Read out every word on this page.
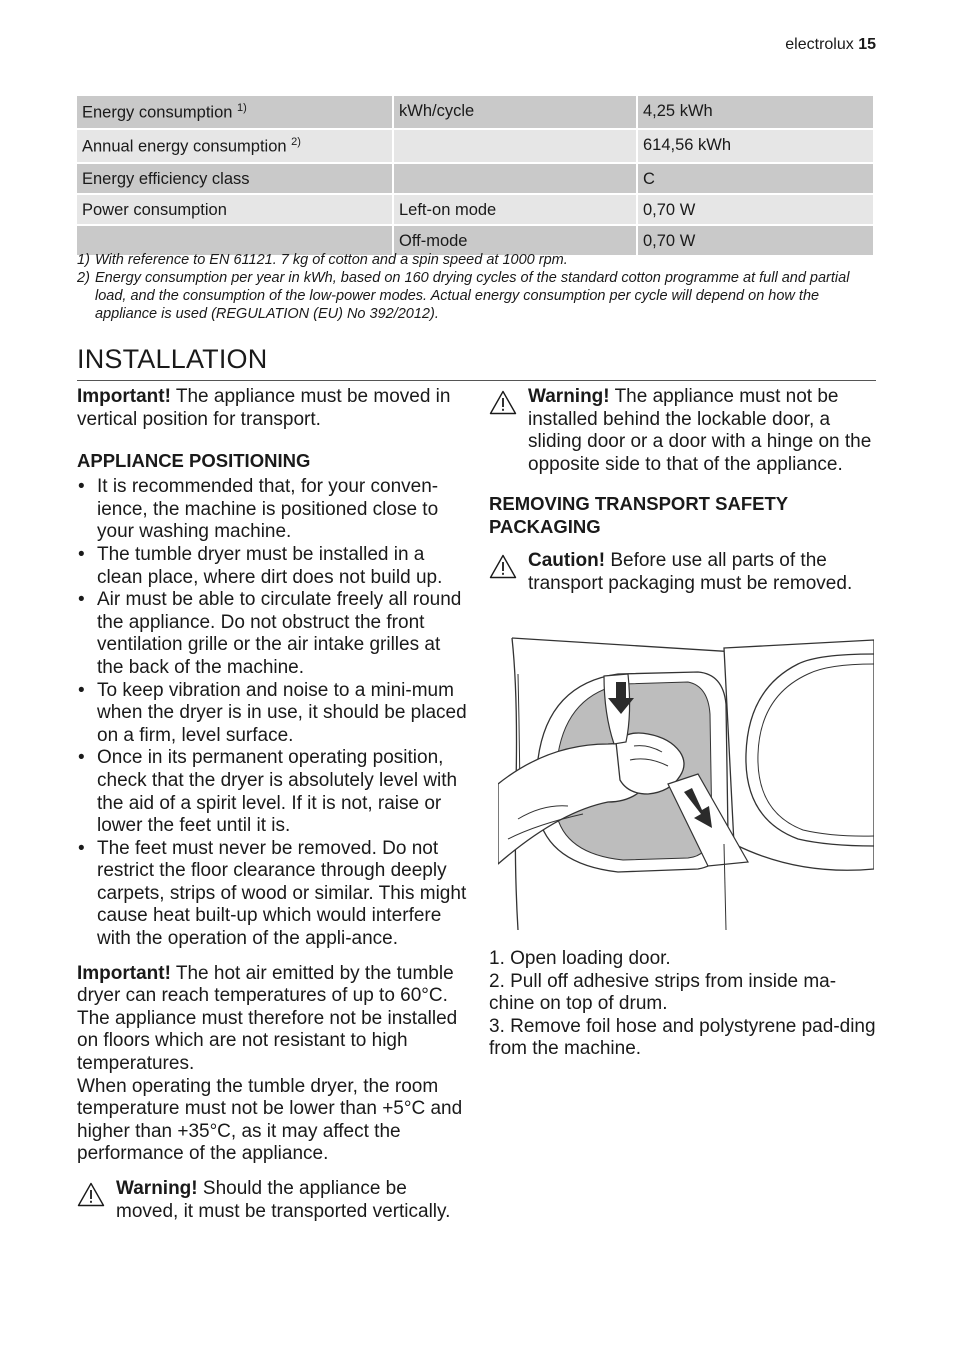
electrolux 15
Energy consumption $^{1)}$	kWh/cycle	4,25 kWh
Annual energy consumption $^{2)}$		614,56 kWh
Energy efficiency class		C
Power consumption	Left-on mode	0,70 W
	Off-mode	0,70 W
1) With reference to EN 61121. 7 kg of cotton and a spin speed at 1000 rpm.
2) Energy consumption per year in kWh, based on 160 drying cycles of the standard cotton programme at full and partial load, and the consumption of the low-power modes. Actual energy consumption per cycle will depend on how the appliance is used (REGULATION (EU) No 392/2012).
INSTALLATION

Important! The appliance must be moved in vertical position for transport.

APPLIANCE POSITIONING

• It is recommended that, for your conven-ience, the machine is positioned close to your washing machine.
• The tumble dryer must be installed in a clean place, where dirt does not build up.
• Air must be able to circulate freely all round the appliance. Do not obstruct the front ventilation grille or the air intake grilles at the back of the machine.
• To keep vibration and noise to a mini-mum when the dryer is in use, it should be placed on a firm, level surface.
• Once in its permanent operating position, check that the dryer is absolutely level with the aid of a spirit level. If it is not, raise or lower the feet until it is.
• The feet must never be removed. Do not restrict the floor clearance through deeply carpets, strips of wood or similar. This might cause heat built-up which would interfere with the operation of the appli-ance.

Important! The hot air emitted by the tumble dryer can reach temperatures of up to 60°C. The appliance must therefore not be installed on floors which are not resistant to high temperatures.

When operating the tumble dryer, the room temperature must not be lower than +5°C and higher than +35°C, as it may affect the performance of the appliance.

Warning! Should the appliance be moved, it must be transported vertically.
Warning! The appliance must not be installed behind the lockable door, a sliding door or a door with a hinge on the opposite side to that of the appliance.

REMOVING TRANSPORT SAFETY PACKAGING

Caution! Before use all parts of the transport packaging must be removed.
1. Open loading door.
2. Pull off adhesive strips from inside ma-chine on top of drum.
3. Remove foil hose and polystyrene pad-ding from the machine.
